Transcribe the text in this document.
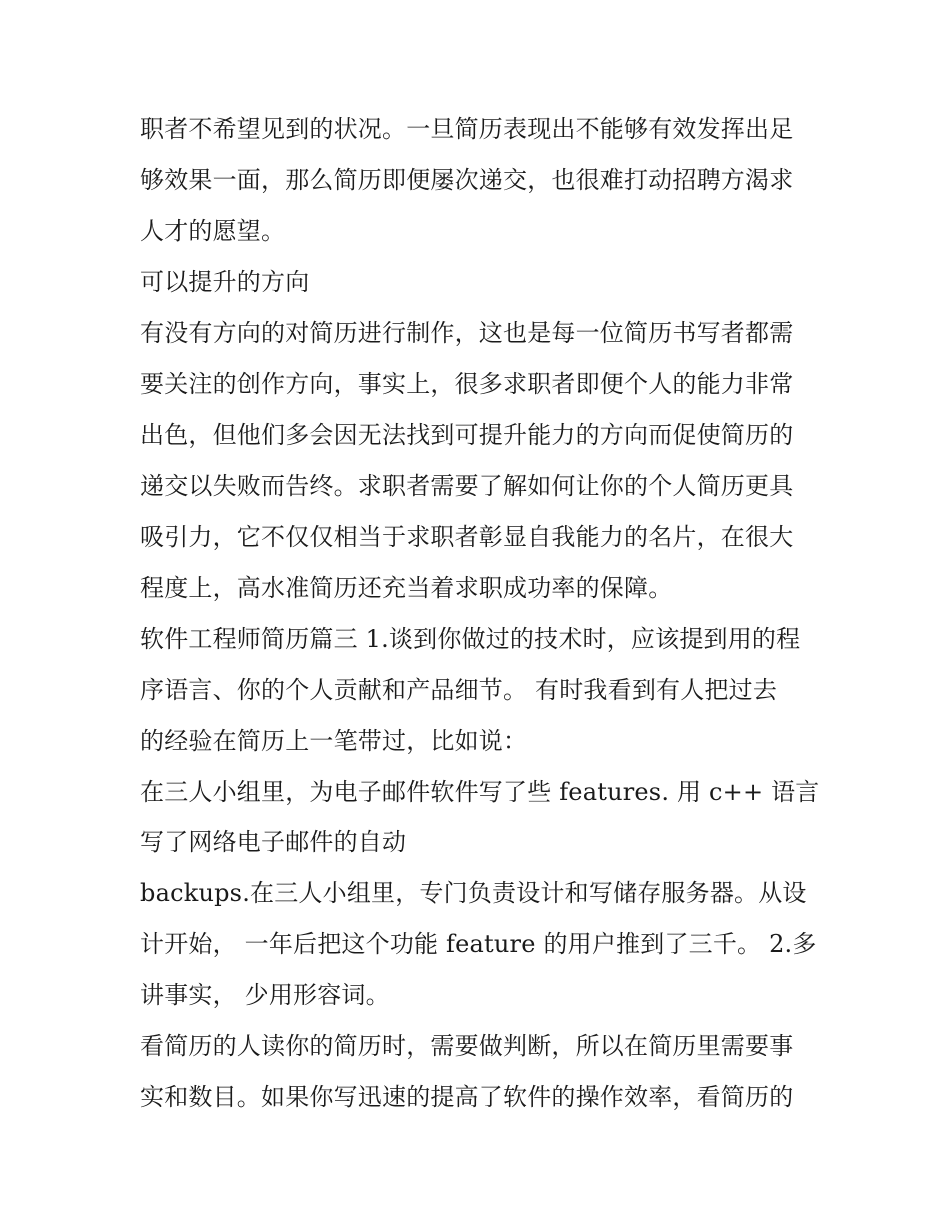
职者不希望见到的状况。一旦简历表现出不能够有效发挥出足
够效果一面，那么简历即便屡次递交，也很难打动招聘方渴求
人才的愿望。
可以提升的方向
有没有方向的对简历进行制作，这也是每一位简历书写者都需
要关注的创作方向，事实上，很多求职者即便个人的能力非常
出色，但他们多会因无法找到可提升能力的方向而促使简历的
递交以失败而告终。求职者需要了解如何让你的个人简历更具
吸引力，它不仅仅相当于求职者彰显自我能力的名片，在很大
程度上，高水准简历还充当着求职成功率的保障。
软件工程师简历篇三 1.谈到你做过的技术时，应该提到用的程
序语言、你的个人贡献和产品细节。 有时我看到有人把过去
的经验在简历上一笔带过，比如说：
在三人小组里，为电子邮件软件写了些 features. 用 c++ 语言
写了网络电子邮件的自动
backups.在三人小组里，专门负责设计和写储存服务器。从设
计开始， 一年后把这个功能 feature 的用户推到了三千。 2.多
讲事实， 少用形容词。
看简历的人读你的简历时，需要做判断，所以在简历里需要事
实和数目。如果你写迅速的提高了软件的操作效率，看简历的
